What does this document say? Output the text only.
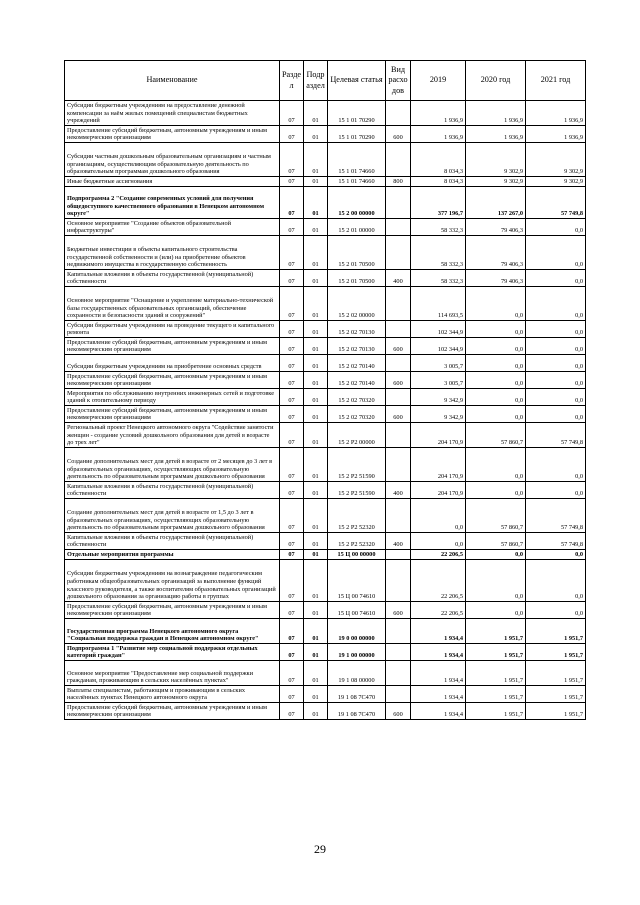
Наименование	Разде л	Подр аздел	Целевая статья	Вид расхо дов	2019	2020 год	2021 год
Субсидии бюджетным учреждениям на предоставление денежной компенсации за наём жилых помещений специалистам бюджетных учреждений	07	01	15 1 01 70290		1 936,9	1 936,9	1 936,9
Предоставление субсидий бюджетным, автономным учреждениям и иным некоммерческим организациям	07	01	15 1 01 70290	600	1 936,9	1 936,9	1 936,9
Субсидии частным дошкольным образовательным организациям и частным организациям, осуществляющим образовательную деятельность по образовательным программам дошкольного образования	07	01	15 1 01 74660		8 034,3	9 302,9	9 302,9
Иные бюджетные ассигнования	07	01	15 1 01 74660	800	8 034,3	9 302,9	9 302,9
Подпрограмма 2 "Создание современных условий для получения общедоступного качественного образования в Ненецком автономном округе"	07	01	15 2 00 00000		377 196,7	137 267,0	57 749,8
Основное мероприятие "Создание объектов образовательной инфраструктуры"	07	01	15 2 01 00000		58 332,3	79 406,3	0,0
Бюджетные инвестиции в объекты капитального строительства государственной собственности и (или) на приобретение объектов недвижимого имущества в государственную собственность	07	01	15 2 01 70500		58 332,3	79 406,3	0,0
Капитальные вложения в объекты государственной (муниципальной) собственности	07	01	15 2 01 70500	400	58 332,3	79 406,3	0,0
Основное мероприятие "Оснащение и укрепление материально-технической базы государственных образовательных организаций, обеспечение сохранности и безопасности зданий и сооружений"	07	01	15 2 02 00000		114 693,5	0,0	0,0
Субсидии бюджетным учреждениям на проведение текущего и капитального ремонта	07	01	15 2 02 70130		102 344,9	0,0	0,0
Предоставление субсидий бюджетным, автономным учреждениям и иным некоммерческим организациям	07	01	15 2 02 70130	600	102 344,9	0,0	0,0
Субсидии бюджетным учреждениям на приобретение основных средств	07	01	15 2 02 70140		3 005,7	0,0	0,0
Предоставление субсидий бюджетным, автономным учреждениям и иным некоммерческим организациям	07	01	15 2 02 70140	600	3 005,7	0,0	0,0
Мероприятия по обслуживанию внутренних инженерных сетей и подготовке зданий к отопительному периоду	07	01	15 2 02 70320		9 342,9	0,0	0,0
Предоставление субсидий бюджетным, автономным учреждениям и иным некоммерческим организациям	07	01	15 2 02 70320	600	9 342,9	0,0	0,0
Региональный проект Ненецкого автономного округа "Содействие занятости женщин - создание условий дошкольного образования для детей в возрасте до трех лет"	07	01	15 2 P2 00000		204 170,9	57 860,7	57 749,8
Создание дополнительных мест для детей в возрасте от 2 месяцев до 3 лет в образовательных организациях, осуществляющих образовательную деятельность по образовательным программам дошкольного образования	07	01	15 2 P2 51590		204 170,9	0,0	0,0
Капитальные вложения в объекты государственной (муниципальной) собственности	07	01	15 2 P2 51590	400	204 170,9	0,0	0,0
Создание дополнительных мест для детей в возрасте от 1,5 до 3 лет в образовательных организациях, осуществляющих образовательную деятельность по образовательным программам дошкольного образования	07	01	15 2 P2 52320		0,0	57 860,7	57 749,8
Капитальные вложения в объекты государственной (муниципальной) собственности	07	01	15 2 P2 52320	400	0,0	57 860,7	57 749,8
Отдельные мероприятия программы	07	01	15 Ц 00 00000		22 206,5	0,0	0,0
Субсидии бюджетным учреждениям на вознаграждение педагогическим работникам общеобразовательных организаций за выполнение функций классного руководителя, а также воспитателям образовательных организаций дошкольного образования за организацию работы в группах	07	01	15 Ц 00 74610		22 206,5	0,0	0,0
Предоставление субсидий бюджетным, автономным учреждениям и иным некоммерческим организациям	07	01	15 Ц 00 74610	600	22 206,5	0,0	0,0
Государственная программа Ненецкого автономного округа "Социальная поддержка граждан в Ненецком автономном округе"	07	01	19 0 00 00000		1 934,4	1 951,7	1 951,7
Подпрограмма 1 "Развитие мер социальной поддержки отдельных категорий граждан"	07	01	19 1 00 00000		1 934,4	1 951,7	1 951,7
Основное мероприятие "Предоставление мер социальной поддержки гражданам, проживающим в сельских населённых пунктах"	07	01	19 1 08 00000		1 934,4	1 951,7	1 951,7
Выплаты специалистам, работающим и проживающим в сельских населённых пунктах Ненецкого автономного округа	07	01	19 1 08 7C470		1 934,4	1 951,7	1 951,7
Предоставление субсидий бюджетным, автономным учреждениям и иным некоммерческим организациям	07	01	19 1 08 7C470	600	1 934,4	1 951,7	1 951,7
29
